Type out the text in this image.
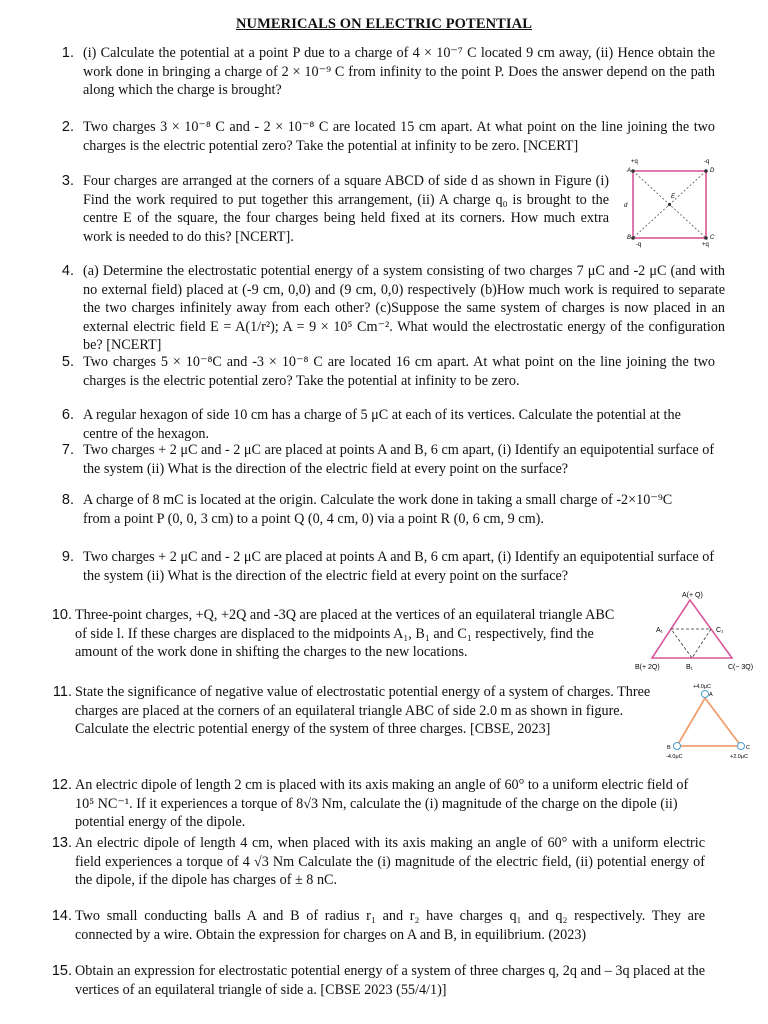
NUMERICALS ON ELECTRIC POTENTIAL
1. (i) Calculate the potential at a point P due to a charge of 4 × 10⁻⁷ C located 9 cm away, (ii) Hence obtain the work done in bringing a charge of 2 × 10⁻⁹ C from infinity to the point P. Does the answer depend on the path along which the charge is brought?
2. Two charges 3 × 10⁻⁸ C and - 2 × 10⁻⁸ C are located 15 cm apart. At what point on the line joining the two charges is the electric potential zero? Take the potential at infinity to be zero. [NCERT]
3. Four charges are arranged at the corners of a square ABCD of side d as shown in Figure (i) Find the work required to put together this arrangement, (ii) A charge q₀ is brought to the centre E of the square, the four charges being held fixed at its corners. How much extra work is needed to do this? [NCERT].
+q
A
-q
D
B
-q
C
+q
E
d
4. (a) Determine the electrostatic potential energy of a system consisting of two charges 7 μC and -2 μC (and with no external field) placed at (-9 cm, 0,0) and (9 cm, 0,0) respectively (b)How much work is required to separate the two charges infinitely away from each other? (c)Suppose the same system of charges is now placed in an external electric field E = A(1/r²); A = 9 × 10⁵ Cm⁻². What would the electrostatic energy of the configuration be? [NCERT]
5. Two charges 5 × 10⁻⁸C and -3 × 10⁻⁸ C are located 16 cm apart. At what point on the line joining the two charges is the electric potential zero? Take the potential at infinity to be zero.
6. A regular hexagon of side 10 cm has a charge of 5 μC at each of its vertices. Calculate the potential at the centre of the hexagon.
7. Two charges + 2 μC and - 2 μC are placed at points A and B, 6 cm apart, (i) Identify an equipotential surface of the system (ii) What is the direction of the electric field at every point on the surface?
8. A charge of 8 mC is located at the origin. Calculate the work done in taking a small charge of -2×10⁻⁹C from a point P (0, 0, 3 cm) to a point Q (0, 4 cm, 0) via a point R (0, 6 cm, 9 cm).
9. Two charges + 2 μC and - 2 μC are placed at points A and B, 6 cm apart, (i) Identify an equipotential surface of the system (ii) What is the direction of the electric field at every point on the surface?
10. Three-point charges, +Q, +2Q and -3Q are placed at the vertices of an equilateral triangle ABC of side l. If these charges are displaced to the midpoints A₁, B₁ and C₁ respectively, find the amount of the work done in shifting the charges to the new locations.
A(+ Q)
A₁	C₁
B(+ 2Q)	B₁	C(− 3Q)
11. State the significance of negative value of electrostatic potential energy of a system of charges. Three charges are placed at the corners of an equilateral triangle ABC of side 2.0 m as shown in figure. Calculate the electric potential energy of the system of three charges. [CBSE, 2023]
+4.0μC
A
B
-4.0μC
C
+2.0μC
12. An electric dipole of length 2 cm is placed with its axis making an angle of 60° to a uniform electric field of 10⁵ NC⁻¹. If it experiences a torque of 8√3 Nm, calculate the (i) magnitude of the charge on the dipole (ii) potential energy of the dipole.
13. An electric dipole of length 4 cm, when placed with its axis making an angle of 60° with a uniform electric field experiences a torque of 4 √3 Nm Calculate the (i) magnitude of the electric field, (ii) potential energy of the dipole, if the dipole has charges of ± 8 nC.
14. Two small conducting balls A and B of radius r₁ and r₂ have charges q₁ and q₂ respectively. They are connected by a wire. Obtain the expression for charges on A and B, in equilibrium. (2023)
15. Obtain an expression for electrostatic potential energy of a system of three charges q, 2q and – 3q placed at the vertices of an equilateral triangle of side a. [CBSE 2023 (55/4/1)]
